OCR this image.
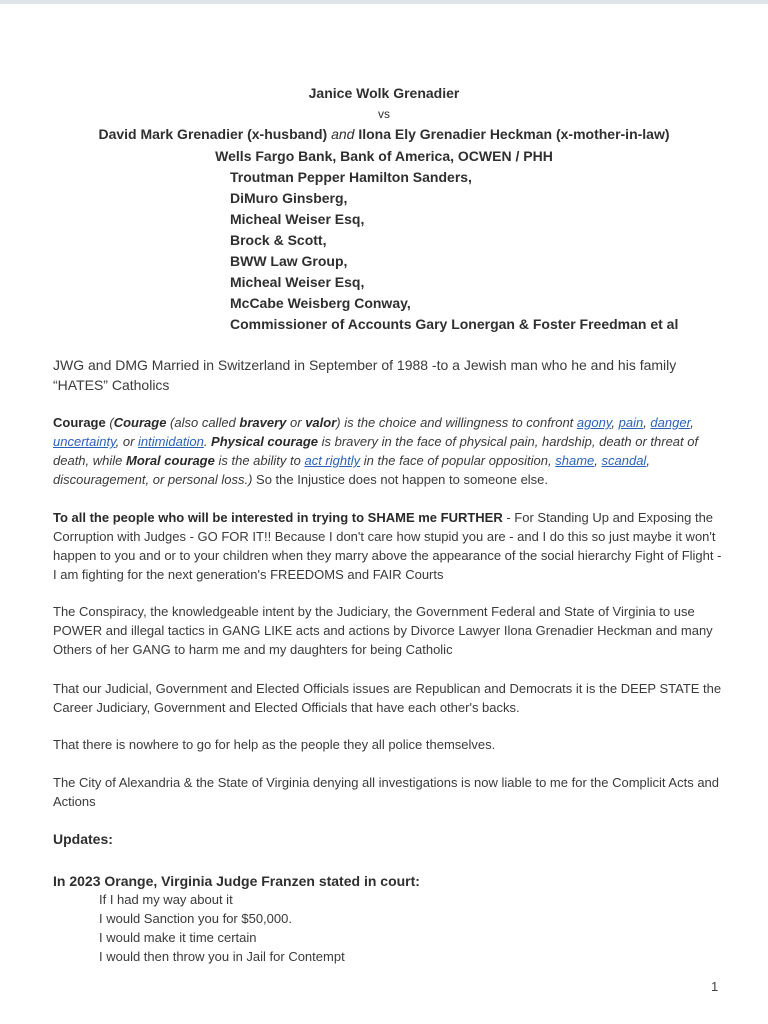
Janice Wolk Grenadier
vs
David Mark Grenadier (x-husband) and Ilona Ely Grenadier Heckman (x-mother-in-law)
Wells Fargo Bank, Bank of America, OCWEN / PHH
Troutman Pepper Hamilton Sanders,
DiMuro Ginsberg,
Micheal Weiser Esq,
Brock & Scott,
BWW Law Group,
Micheal Weiser Esq,
McCabe Weisberg Conway,
Commissioner of Accounts Gary Lonergan & Foster Freedman et al
JWG and DMG Married in Switzerland in September of 1988 -to a Jewish man who he and his family “HATES” Catholics
Courage (Courage (also called bravery or valor) is the choice and willingness to confront agony, pain, danger, uncertainty, or intimidation. Physical courage is bravery in the face of physical pain, hardship, death or threat of death, while Moral courage is the ability to act rightly in the face of popular opposition, shame, scandal, discouragement, or personal loss.) So the Injustice does not happen to someone else.
To all the people who will be interested in trying to SHAME me FURTHER - For Standing Up and Exposing the Corruption with Judges - GO FOR IT!! Because I don't care how stupid you are - and I do this so just maybe it won't happen to you and or to your children when they marry above the appearance of the social hierarchy Fight of Flight - I am fighting for the next generation's FREEDOMS and FAIR Courts
The Conspiracy, the knowledgeable intent by the Judiciary, the Government Federal and State of Virginia to use POWER and illegal tactics in GANG LIKE acts and actions by Divorce Lawyer Ilona Grenadier Heckman and many Others of her GANG to harm me and my daughters for being Catholic
That our Judicial, Government and Elected Officials issues are Republican and Democrats it is the DEEP STATE the Career Judiciary, Government and Elected Officials that have each other's backs.
That there is nowhere to go for help as the people they all police themselves.
The City of Alexandria & the State of Virginia denying all investigations is now liable to me for the Complicit Acts and Actions
Updates:
In 2023 Orange, Virginia Judge Franzen stated in court:
If I had my way about it
I would Sanction you for $50,000.
I would make it time certain
I would then throw you in Jail for Contempt
1
